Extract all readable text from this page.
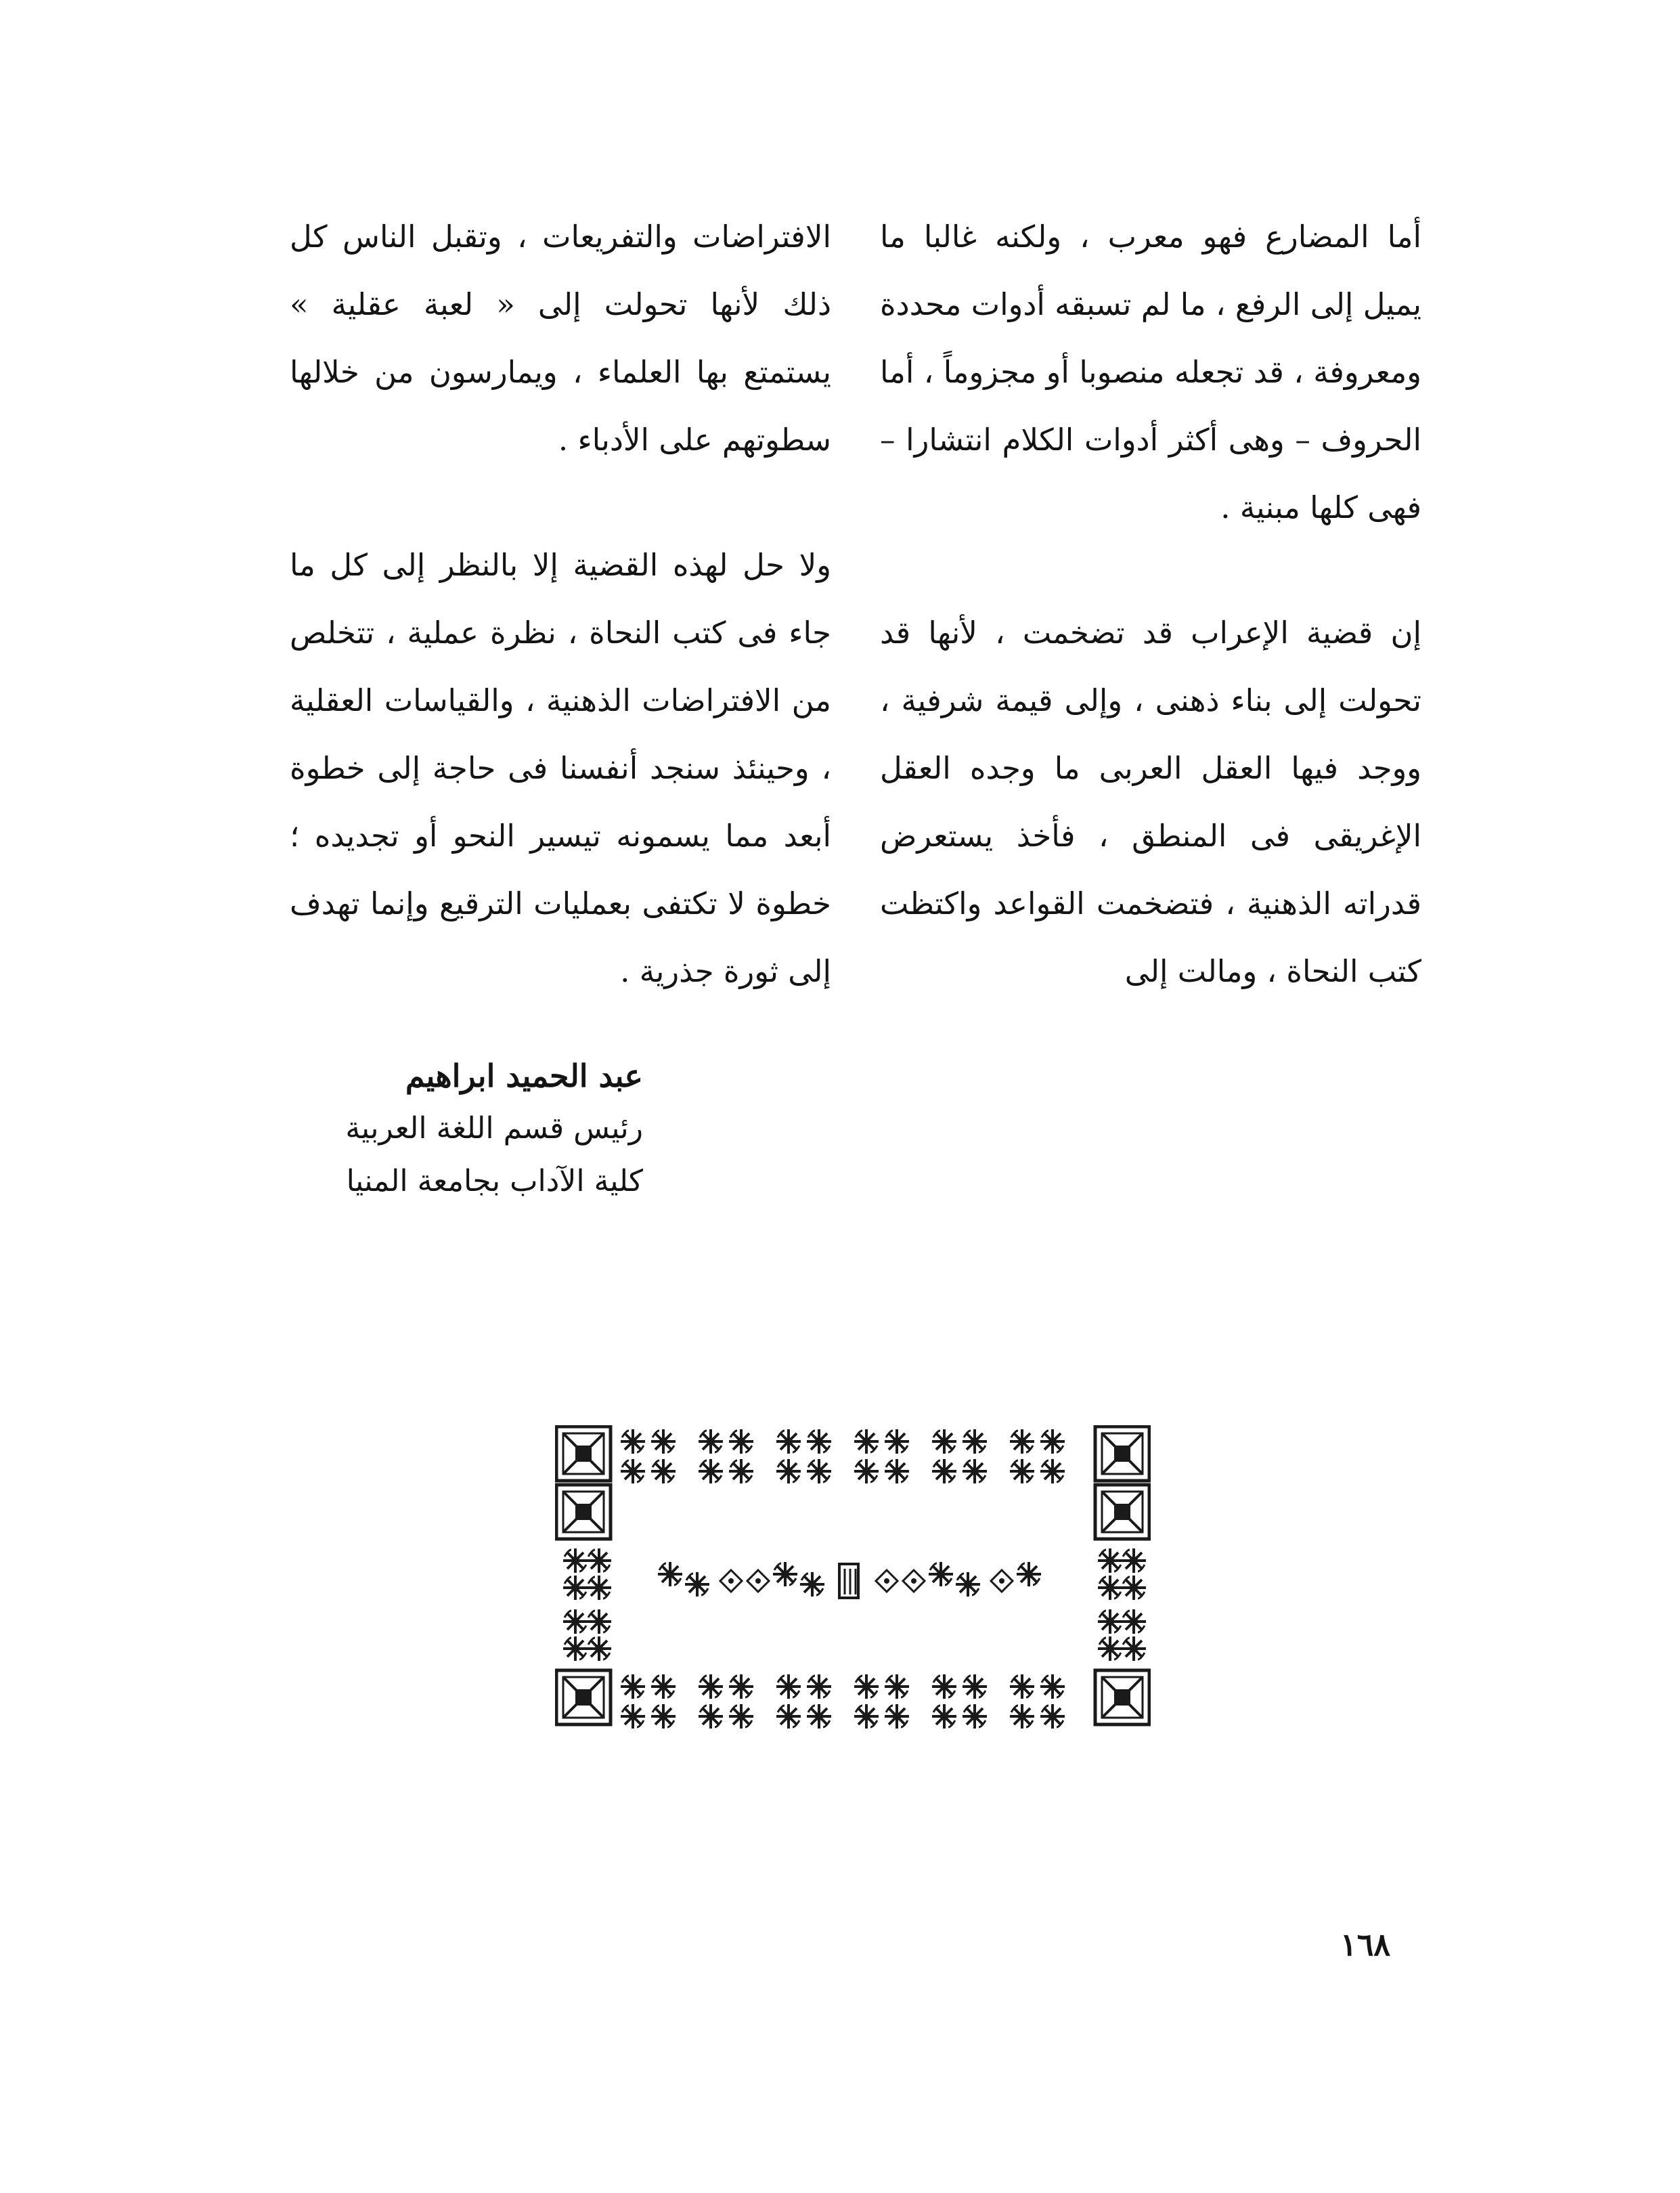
أما المضارع فهو معرب ، ولكنه غالبا ما يميل إلى الرفع ، ما لم تسبقه أدوات محددة ومعروفة ، قد تجعله منصوبا أو مجزوماً ، أما الحروف – وهى أكثر أدوات الكلام انتشارا – فهى كلها مبنية .

إن قضية الإعراب قد تضخمت ، لأنها قد تحولت إلى بناء ذهنى ، وإلى قيمة شرفية ، ووجد فيها العقل العربى ما وجده العقل الإغريقى فى المنطق ، فأخذ يستعرض قدراته الذهنية ، فتضخمت القواعد واكتظت كتب النحاة ، ومالت إلى

الافتراضات والتفريعات ، وتقبل الناس كل ذلك لأنها تحولت إلى « لعبة عقلية » يستمتع بها العلماء ، ويمارسون من خلالها سطوتهم على الأدباء .

ولا حل لهذه القضية إلا بالنظر إلى كل ما جاء فى كتب النحاة ، نظرة عملية ، تتخلص من الافتراضات الذهنية ، والقياسات العقلية ، وحينئذ سنجد أنفسنا فى حاجة إلى خطوة أبعد مما يسمونه تيسير النحو أو تجديده ؛ خطوة لا تكتفى بعمليات الترقيع وإنما تهدف إلى ثورة جذرية .

عبد الحميد ابراهيم
رئيس قسم اللغة العربية
كلية الآداب بجامعة المنيا
١٦٨
